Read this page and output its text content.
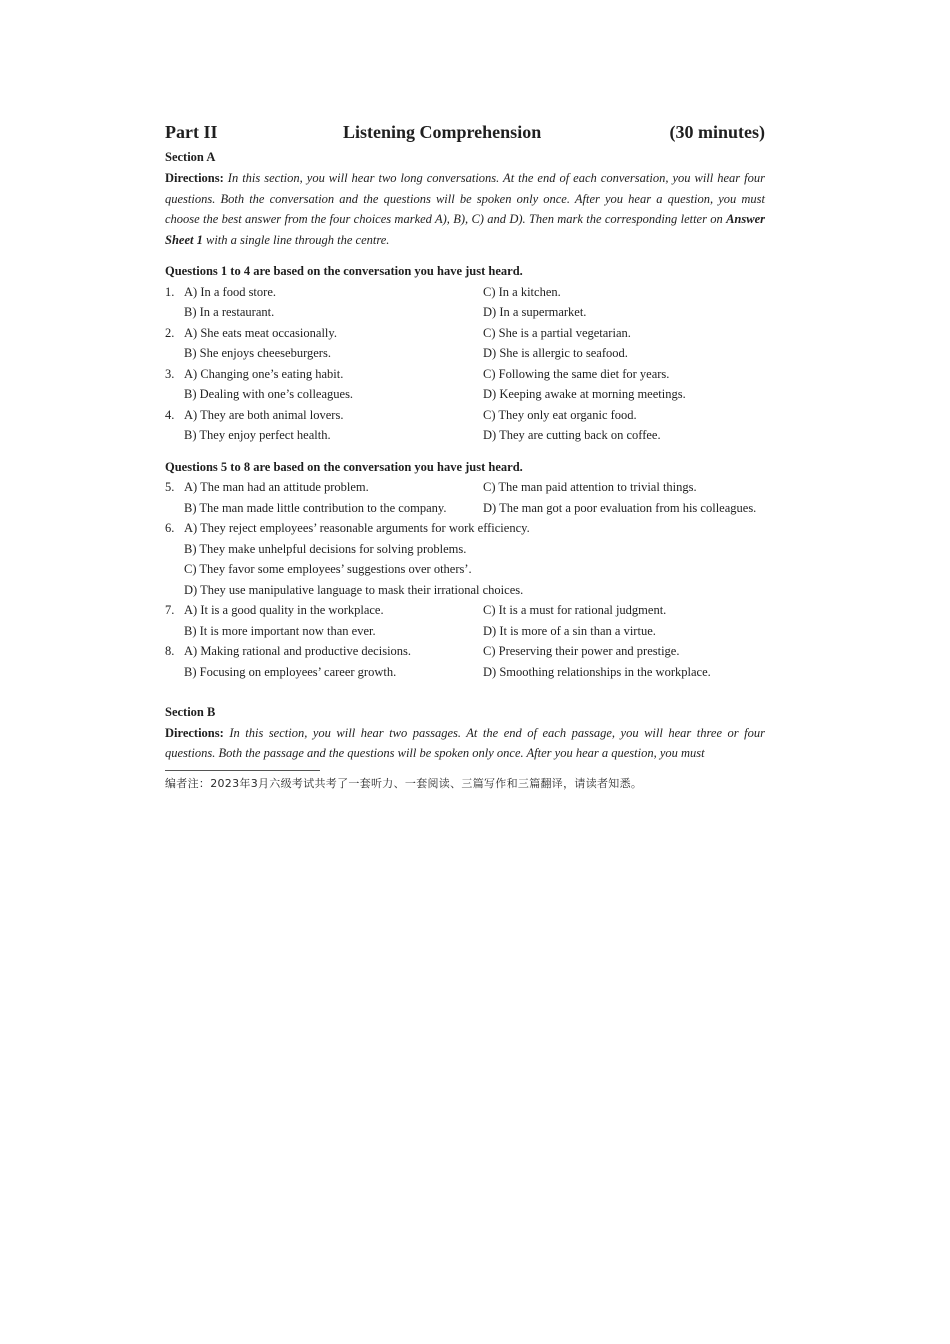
Part II	Listening Comprehension	(30 minutes)
Section A
Directions: In this section, you will hear two long conversations. At the end of each conversation, you will hear four questions. Both the conversation and the questions will be spoken only once. After you hear a question, you must choose the best answer from the four choices marked A), B), C) and D). Then mark the corresponding letter on Answer Sheet 1 with a single line through the centre.
Questions 1 to 4 are based on the conversation you have just heard.
1. A) In a food store.	C) In a kitchen.
B) In a restaurant.	D) In a supermarket.
2. A) She eats meat occasionally.	C) She is a partial vegetarian.
B) She enjoys cheeseburgers.	D) She is allergic to seafood.
3. A) Changing one’s eating habit.	C) Following the same diet for years.
B) Dealing with one’s colleagues.	D) Keeping awake at morning meetings.
4. A) They are both animal lovers.	C) They only eat organic food.
B) They enjoy perfect health.	D) They are cutting back on coffee.
Questions 5 to 8 are based on the conversation you have just heard.
5. A) The man had an attitude problem.	C) The man paid attention to trivial things.
B) The man made little contribution to the company.	D) The man got a poor evaluation from his colleagues.
6. A) They reject employees’ reasonable arguments for work efficiency.
B) They make unhelpful decisions for solving problems.
C) They favor some employees’ suggestions over others’.
D) They use manipulative language to mask their irrational choices.
7. A) It is a good quality in the workplace.	C) It is a must for rational judgment.
B) It is more important now than ever.	D) It is more of a sin than a virtue.
8. A) Making rational and productive decisions.	C) Preserving their power and prestige.
B) Focusing on employees’ career growth.	D) Smoothing relationships in the workplace.
Section B
Directions: In this section, you will hear two passages. At the end of each passage, you will hear three or four questions. Both the passage and the questions will be spoken only once. After you hear a question, you must
编者注：2023年3月六级考试共考了一套听力、一套阅读、三篇写作和三篇翻译，请读者知悉。
